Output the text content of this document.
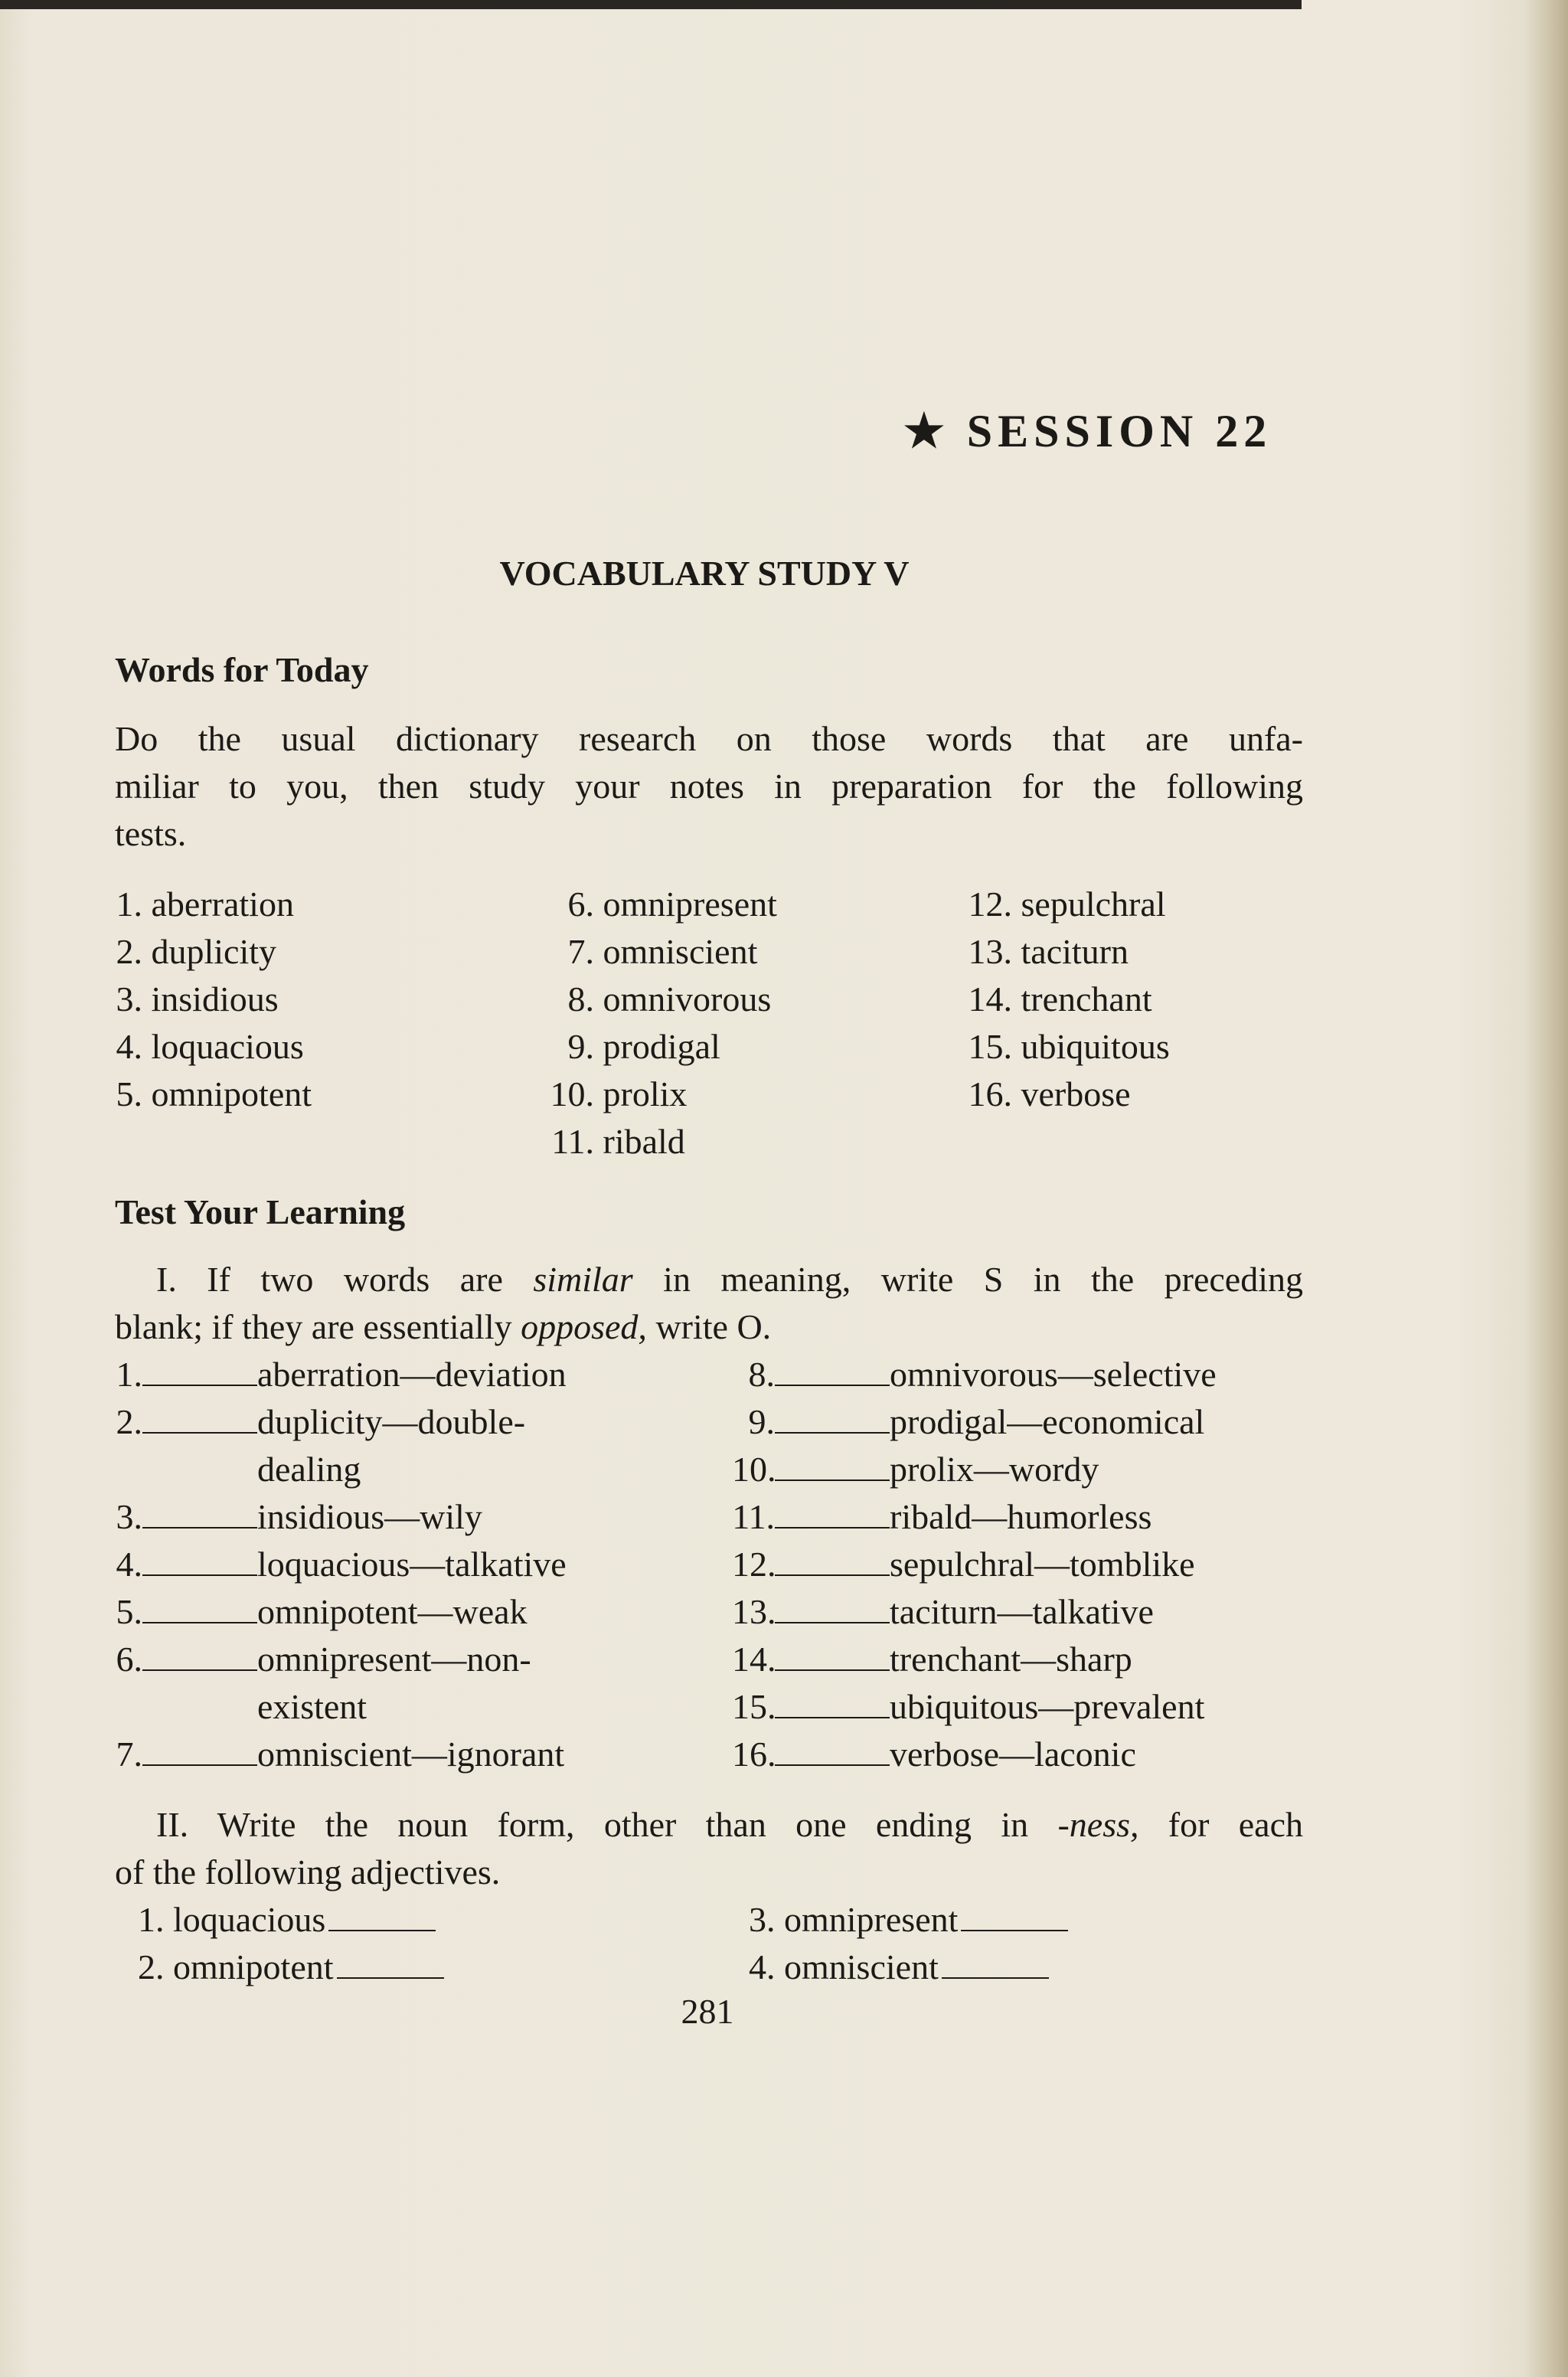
★ SESSION 22
VOCABULARY STUDY V
Words for Today
Do the usual dictionary research on those words that are unfa-
miliar to you, then study your notes in preparation for the following
tests.
1. aberration
2. duplicity
3. insidious
4. loquacious
5. omnipotent
6. omnipresent
7. omniscient
8. omnivorous
9. prodigal
10. prolix
11. ribald
12. sepulchral
13. taciturn
14. trenchant
15. ubiquitous
16. verbose
Test Your Learning
I. If two words are similar in meaning, write S in the preceding
blank; if they are essentially opposed, write O.
1.	aberration—deviation
2.	duplicity—double-
dealing
3.	insidious—wily
4.	loquacious—talkative
5.	omnipotent—weak
6.	omnipresent—non-
existent
7.	omniscient—ignorant
8.	omnivorous—selective
9.	prodigal—economical
10.	prolix—wordy
11.	ribald—humorless
12.	sepulchral—tomblike
13.	taciturn—talkative
14.	trenchant—sharp
15.	ubiquitous—prevalent
16.	verbose—laconic
II. Write the noun form, other than one ending in -ness, for each
of the following adjectives.
1. loquacious
2. omnipotent
3. omnipresent
4. omniscient
281
